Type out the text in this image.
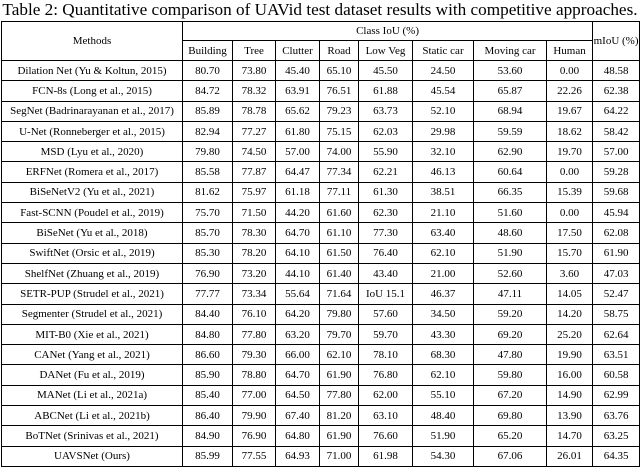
Table 2: Quantitative comparison of UAVid test dataset results with competitive approaches.
Methods	Class IoU (%)								mIoU (%)
	Building	Tree	Clutter	Road	Low Veg	Static car	Moving car	Human	
Dilation Net (Yu & Koltun, 2015)	80.70	73.80	45.40	65.10	45.50	24.50	53.60	0.00	48.58
FCN-8s (Long et al., 2015)	84.72	78.32	63.91	76.51	61.88	45.54	65.87	22.26	62.38
SegNet (Badrinarayanan et al., 2017)	85.89	78.78	65.62	79.23	63.73	52.10	68.94	19.67	64.22
U-Net (Ronneberger et al., 2015)	82.94	77.27	61.80	75.15	62.03	29.98	59.59	18.62	58.42
MSD (Lyu et al., 2020)	79.80	74.50	57.00	74.00	55.90	32.10	62.90	19.70	57.00
ERFNet (Romera et al., 2017)	85.58	77.87	64.47	77.34	62.21	46.13	60.64	0.00	59.28
BiSeNetV2 (Yu et al., 2021)	81.62	75.97	61.18	77.11	61.30	38.51	66.35	15.39	59.68
Fast-SCNN (Poudel et al., 2019)	75.70	71.50	44.20	61.60	62.30	21.10	51.60	0.00	45.94
BiSeNet (Yu et al., 2018)	85.70	78.30	64.70	61.10	77.30	63.40	48.60	17.50	62.08
SwiftNet (Orsic et al., 2019)	85.30	78.20	64.10	61.50	76.40	62.10	51.90	15.70	61.90
ShelfNet (Zhuang et al., 2019)	76.90	73.20	44.10	61.40	43.40	21.00	52.60	3.60	47.03
SETR-PUP (Strudel et al., 2021)	77.77	73.34	55.64	71.64	IoU 15.1	46.37	47.11	14.05	52.47
Segmenter (Strudel et al., 2021)	84.40	76.10	64.20	79.80	57.60	34.50	59.20	14.20	58.75
MIT-B0 (Xie et al., 2021)	84.80	77.80	63.20	79.70	59.70	43.30	69.20	25.20	62.64
CANet (Yang et al., 2021)	86.60	79.30	66.00	62.10	78.10	68.30	47.80	19.90	63.51
DANet (Fu et al., 2019)	85.90	78.80	64.70	61.90	76.80	62.10	59.80	16.00	60.58
MANet (Li et al., 2021a)	85.40	77.00	64.50	77.80	62.00	55.10	67.20	14.90	62.99
ABCNet (Li et al., 2021b)	86.40	79.90	67.40	81.20	63.10	48.40	69.80	13.90	63.76
BoTNet (Srinivas et al., 2021)	84.90	76.90	64.80	61.90	76.60	51.90	65.20	14.70	63.25
UAVSNet (Ours)	85.99	77.55	64.93	71.00	61.98	54.30	67.06	26.01	64.35
